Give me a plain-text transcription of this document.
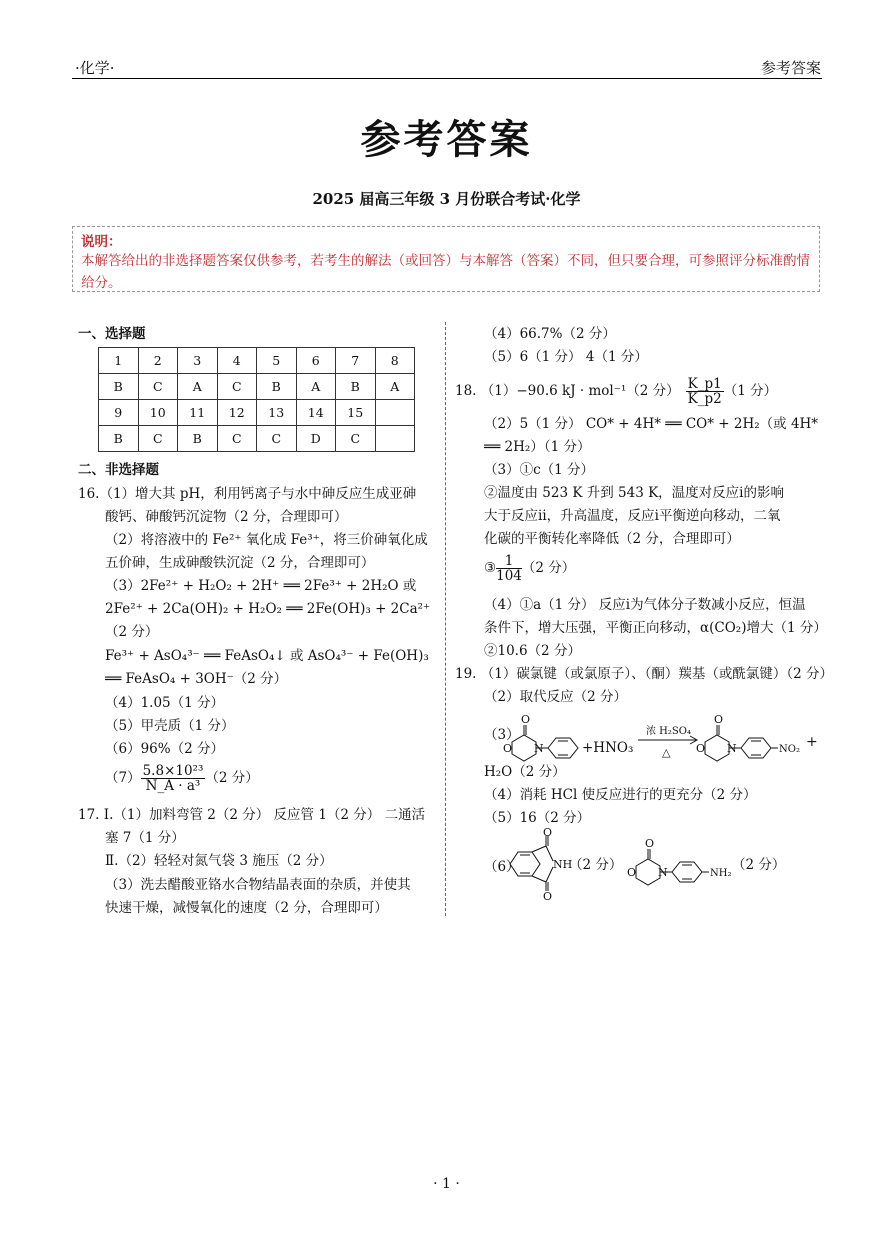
·化学·	参考答案
参考答案
2025 届高三年级 3 月份联合考试·化学
说明：
本解答给出的非选择题答案仅供参考，若考生的解法（或回答）与本解答（答案）不同，但只要合理，可参照评分标准酌情给分。
一、选择题
1	2	3	4	5	6	7	8
B	C	A	C	B	A	B	A
9	10	11	12	13	14	15	
B	C	B	C	C	D	C	
二、非选择题
16.（1）增大其 pH，利用钙离子与水中砷反应生成亚砷
酸钙、砷酸钙沉淀物（2 分，合理即可）
（2）将溶液中的 Fe²⁺ 氧化成 Fe³⁺，将三价砷氧化成
五价砷，生成砷酸铁沉淀（2 分，合理即可）
（3）2Fe²⁺ + H₂O₂ + 2H⁺ ══ 2Fe³⁺ + 2H₂O 或
2Fe²⁺ + 2Ca(OH)₂ + H₂O₂ ══ 2Fe(OH)₃ + 2Ca²⁺
（2 分）
Fe³⁺ + AsO₄³⁻ ══ FeAsO₄↓ 或 AsO₄³⁻ + Fe(OH)₃
══ FeAsO₄ + 3OH⁻（2 分）
（4）1.05（1 分）
（5）甲壳质（1 分）
（6）96%（2 分）
$(7) \frac{\text{5.8×10²³}}{\text{N\_A · a³}} (2$ 分）
17. Ⅰ.（1）加料弯管 2（2 分） 反应管 1（2 分） 二通活
塞 7（1 分）
Ⅱ.（2）轻轻对氮气袋 3 施压（2 分）
（3）洗去醋酸亚铬水合物结晶表面的杂质，并使其
快速干燥，减慢氧化的速度（2 分，合理即可）
（4）66.7%（2 分）
（5）6（1 分） 4（1 分）
18. （1）−90.6 kJ · mol⁻¹（2 分） $\frac{K\_p1}{K\_p2} (1$ 分）
（2）5（1 分） CO* + 4H* ══ CO* + 2H₂（或 4H*
══ 2H₂）（1 分）
（3）①c（1 分）
②温度由 523 K 升到 543 K，温度对反应ⅰ的影响
大于反应ⅱ，升高温度，反应ⅰ平衡逆向移动，二氧
化碳的平衡转化率降低（2 分，合理即可）
③ $\frac{1}{104} (2$ 分）
（4）①a（1 分） 反应ⅰ为气体分子数减小反应，恒温
条件下，增大压强，平衡正向移动，α(CO₂)增大（1 分）
②10.6（2 分）
19. （1）碳氯键（或氯原子）、（酮）羰基（或酰氯键）（2 分）
（2）取代反应（2 分）
（3）
O
O N	+HNO₃
浓 H₂SO₄
△
O
O N	NO₂ +
H₂O（2 分）
（4）消耗 HCl 使反应进行的更充分（2 分）
（5）16（2 分）
（6）
O
O
NH
（2 分）
O
O N	NH₂
（2 分）
· 1 ·
